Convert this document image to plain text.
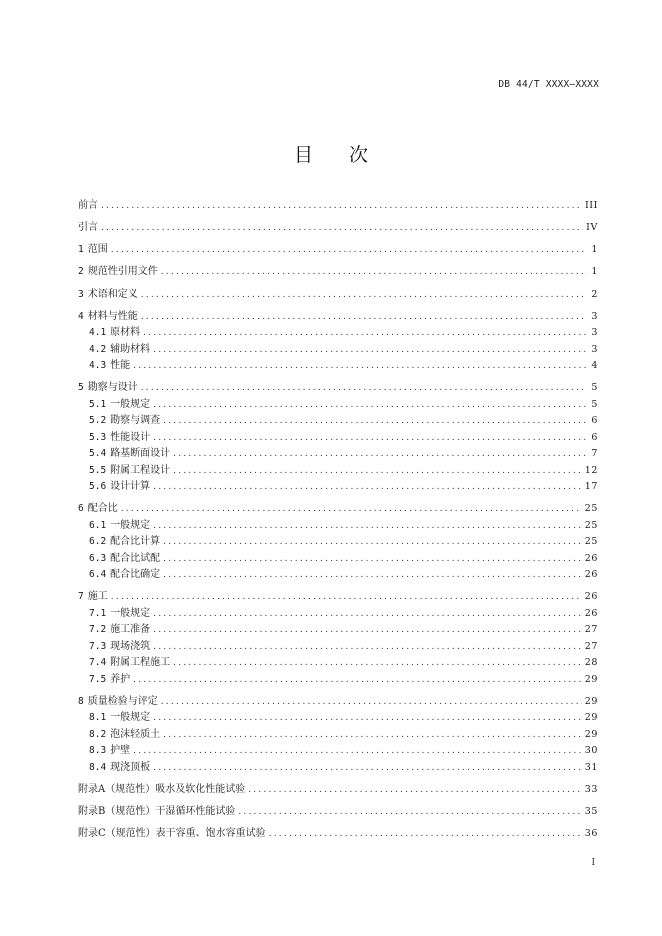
DB 44/T XXXX—XXXX
目次
前言 .....	III
引言 .....	IV
1 范围 .....	1
2 规范性引用文件 .....	1
3 术语和定义 .....	2
4 材料与性能 .....	3
4.1 原材料 .....	3
4.2 辅助材料 .....	3
4.3 性能 .....	4
5 勘察与设计 .....	5
5.1 一般规定 .....	5
5.2 勘察与调查 .....	6
5.3 性能设计 .....	6
5.4 路基断面设计 .....	7
5.5 附属工程设计 .....	12
5.6 设计计算 .....	17
6 配合比 .....	25
6.1 一般规定 .....	25
6.2 配合比计算 .....	25
6.3 配合比试配 .....	26
6.4 配合比确定 .....	26
7 施工 .....	26
7.1 一般规定 .....	26
7.2 施工准备 .....	27
7.3 现场浇筑 .....	27
7.4 附属工程施工 .....	28
7.5 养护 .....	29
8 质量检验与评定 .....	29
8.1 一般规定 .....	29
8.2 泡沫轻质土 .....	29
8.3 护壁 .....	30
8.4 现浇顶板 .....	31
附录A（规范性）吸水及软化性能试验 .....	33
附录B（规范性）干湿循环性能试验 .....	35
附录C（规范性）表干容重、饱水容重试验 .....	36
I
